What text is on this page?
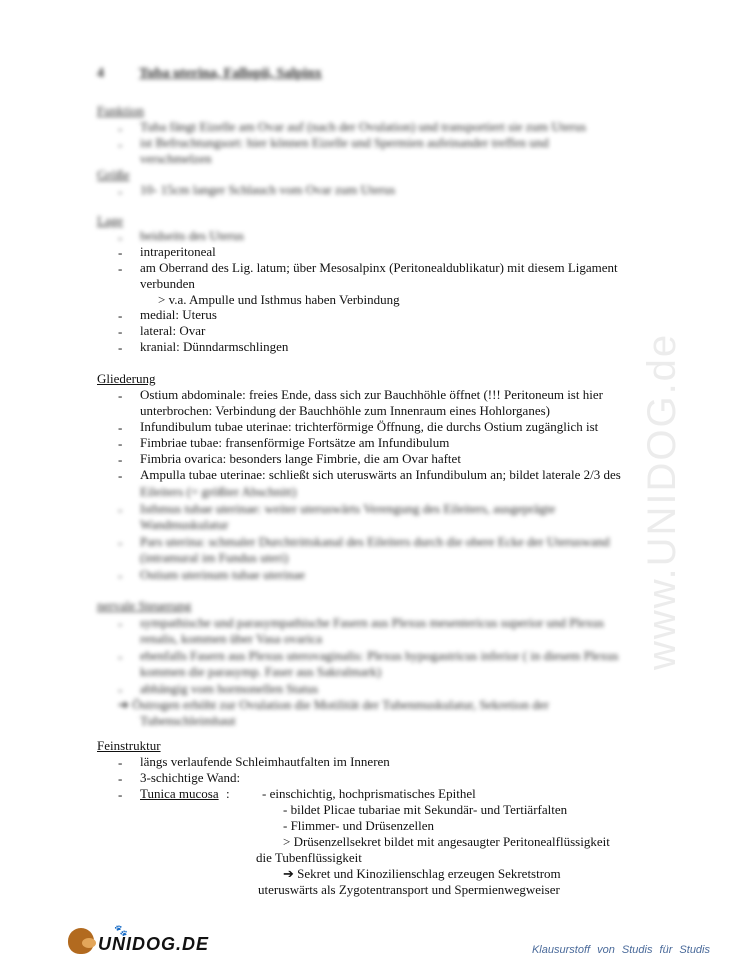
www.UNIDOG.de
4	Tuba uterina, Fallopii, Salpinx
Funktion
- Tuba fängt Eizelle am Ovar auf (nach der Ovulation) und transportiert sie zum Uterus
- ist Befruchtungsort: hier können Eizelle und Spermien aufeinander treffen und verschmelzen
Größe
- 10- 15cm langer Schlauch vom Ovar zum Uterus
Lage
- beidseits des Uterus
- intraperitoneal
- am Oberrand des Lig. latum; über Mesosalpinx (Peritonealdublikatur) mit diesem Ligament
verbunden
> v.a. Ampulle und Isthmus haben Verbindung
- medial: Uterus
- lateral: Ovar
- kranial: Dünndarmschlingen
Gliederung
- Ostium abdominale: freies Ende, dass sich zur Bauchhöhle öffnet (!!! Peritoneum ist hier
unterbrochen: Verbindung der Bauchhöhle zum Innenraum eines Hohlorganes)
- Infundibulum tubae uterinae: trichterförmige Öffnung, die durchs Ostium zugänglich ist
- Fimbriae tubae: fransenförmige Fortsätze am Infundibulum
- Fimbria ovarica: besonders lange Fimbrie, die am Ovar haftet
- Ampulla tubae uterinae: schließt sich uteruswärts an Infundibulum an; bildet laterale 2/3 des
Eileiters (= größter Abschnitt)
- Isthmus tubae uterinae: weiter uteruswärts Verengung des Eileiters, ausgeprägte
Wandmuskulatur
- Pars uterina: schmaler Durchtrittskanal des Eileiters durch die obere Ecke der Uteruswand
(intramural im Fundus uteri)
- Ostium uterinum tubae uterinae
nervale Steuerung
- sympathische und parasympathische Fasern aus Plexus mesentericus superior und Plexus
renalis, kommen über Vasa ovarica
- ebenfalls Fasern aus Plexus uterovaginalis: Plexus hypogastricus inferior ( in diesem Plexus
kommen die parasymp. Faser aus Sakralmark)
- abhängig vom hormonellen Status
➔ Östrogen erhöht zur Ovulation die Motilität der Tubenmuskulatur, Sekretion der
Tubenschleimhaut
Feinstruktur
- längs verlaufende Schleimhautfalten im Inneren
- 3-schichtige Wand:
- Tunica mucosa : - einschichtig, hochprismatisches Epithel
- bildet Plicae tubariae mit Sekundär- und Tertiärfalten
- Flimmer- und Drüsenzellen
> Drüsenzellsekret bildet mit angesaugter Peritonealflüssigkeit
die Tubenflüssigkeit
➔ Sekret und Kinozilienschlag erzeugen Sekretstrom
uteruswärts als Zygotentransport und Spermienwegweiser
🐾
UNIDOG.DE	Klausurstoff von Studis für Studis
